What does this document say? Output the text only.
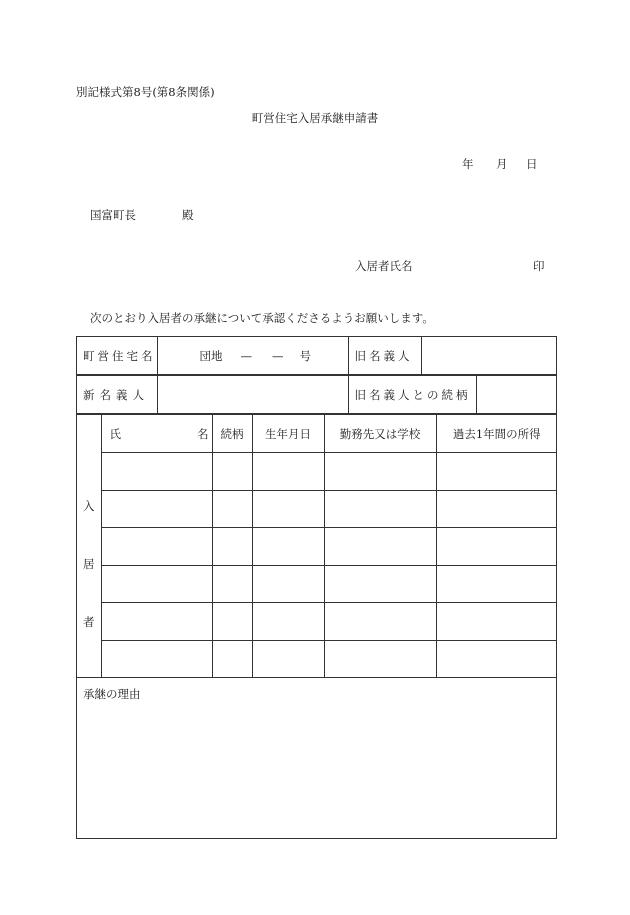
別記様式第8号(第8条関係)
町営住宅入居承継申請書
年 月 日
国富町長	殿
入居者氏名	印
次のとおり入居者の承継について承認くださるようお願いします。
町営住宅名	団地 — — 号	旧名義人	

新名義人		旧名義人との続柄	

入
居
者
	氏	名	続柄	生年月日	勤務先又は学校	過去1年間の所得

承継の理由
